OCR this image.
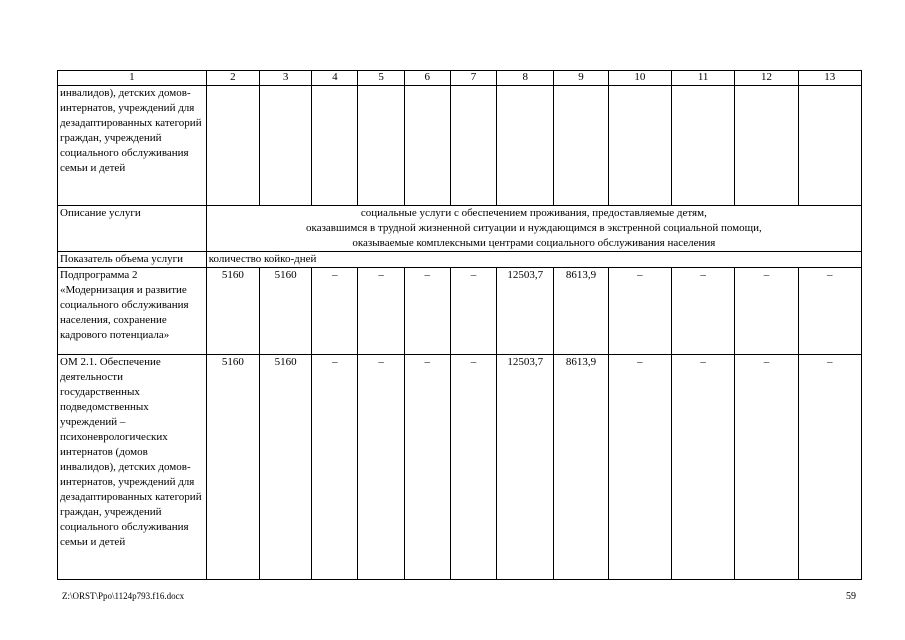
1	2	3	4	5	6	7	8	9	10	11	12	13
инвалидов), детских домов-интернатов, учреждений для дезадаптированных категорий граждан, учреждений социального обслуживания семьи и детей												
Описание услуги	социальные услуги с обеспечением проживания, предоставляемые детям,
оказавшимся в трудной жизненной ситуации и нуждающимся в экстренной социальной помощи,
оказываемые комплексными центрами социального обслуживания населения											

Показатель объема услуги	количество койко-дней											
Подпрограмма 2 «Модернизация и развитие социального обслуживания населения, сохранение кадрового потенциала»	5160	5160	–	–	–	–	12503,7	8613,9	–	–	–	–
ОМ 2.1. Обеспечение деятельности государственных подведомственных учреждений – психоневрологических интернатов (домов инвалидов), детских домов-интернатов, учреждений для дезадаптированных категорий граждан, учреждений социального обслуживания семьи и детей	5160	5160	–	–	–	–	12503,7	8613,9	–	–	–	–
Z:\ORST\Ppo\1124p793.f16.docx	59
